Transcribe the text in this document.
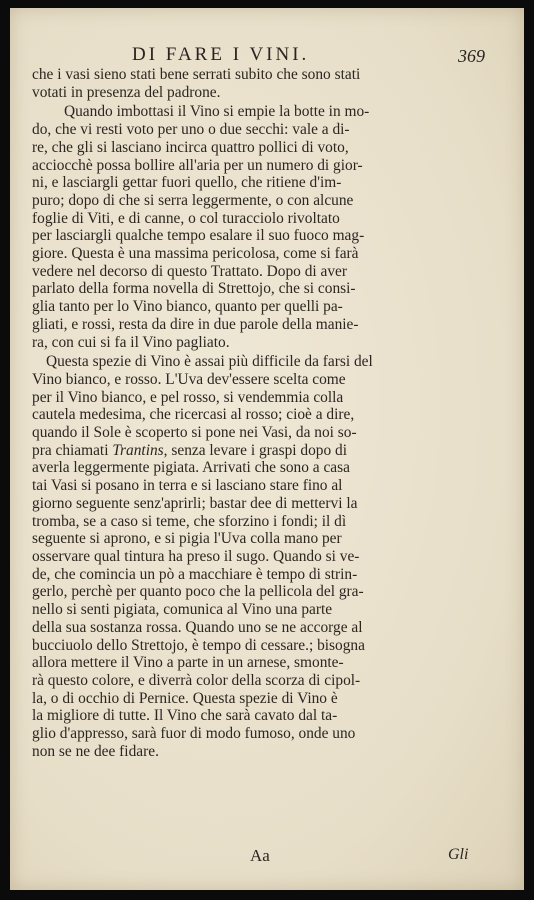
DI FARE I VINI.	369
che i vasi sieno stati bene serrati subito che sono stati
votati in presenza del padrone.
Quando imbottasi il Vino si empie la botte in mo-
do, che vi resti voto per uno o due secchi: vale a di-
re, che gli si lasciano incirca quattro pollici di voto,
acciocchè possa bollire all'aria per un numero di gior-
ni, e lasciargli gettar fuori quello, che ritiene d'im-
puro; dopo di che si serra leggermente, o con alcune
foglie di Viti, e di canne, o col turacciolo rivoltato
per lasciargli qualche tempo esalare il suo fuoco mag-
giore. Questa è una massima pericolosa, come si farà
vedere nel decorso di questo Trattato. Dopo di aver
parlato della forma novella di Strettojo, che si consi-
glia tanto per lo Vino bianco, quanto per quelli pa-
gliati, e rossi, resta da dire in due parole della manie-
ra, con cui si fa il Vino pagliato.
Questa spezie di Vino è assai più difficile da farsi del
Vino bianco, e rosso. L'Uva dev'essere scelta come
per il Vino bianco, e pel rosso, si vendemmia colla
cautela medesima, che ricercasi al rosso; cioè a dire,
quando il Sole è scoperto si pone nei Vasi, da noi so-
pra chiamati Trantins, senza levare i graspi dopo di
averla leggermente pigiata. Arrivati che sono a casa
tai Vasi si posano in terra e si lasciano stare fino al
giorno seguente senz'aprirli; bastar dee di mettervi la
tromba, se a caso si teme, che sforzino i fondi; il dì
seguente si aprono, e si pigia l'Uva colla mano per
osservare qual tintura ha preso il sugo. Quando si ve-
de, che comincia un pò a macchiare è tempo di strin-
gerlo, perchè per quanto poco che la pellicola del gra-
nello si senti pigiata, comunica al Vino una parte
della sua sostanza rossa. Quando uno se ne accorge al
bucciuolo dello Strettojo, è tempo di cessare.; bisogna
allora mettere il Vino a parte in un arnese, smonte-
rà questo colore, e diverrà color della scorza di cipol-
la, o di occhio di Pernice. Questa spezie di Vino è
la migliore di tutte. Il Vino che sarà cavato dal ta-
glio d'appresso, sarà fuor di modo fumoso, onde uno
non se ne dee fidare.
Aa	Gli
